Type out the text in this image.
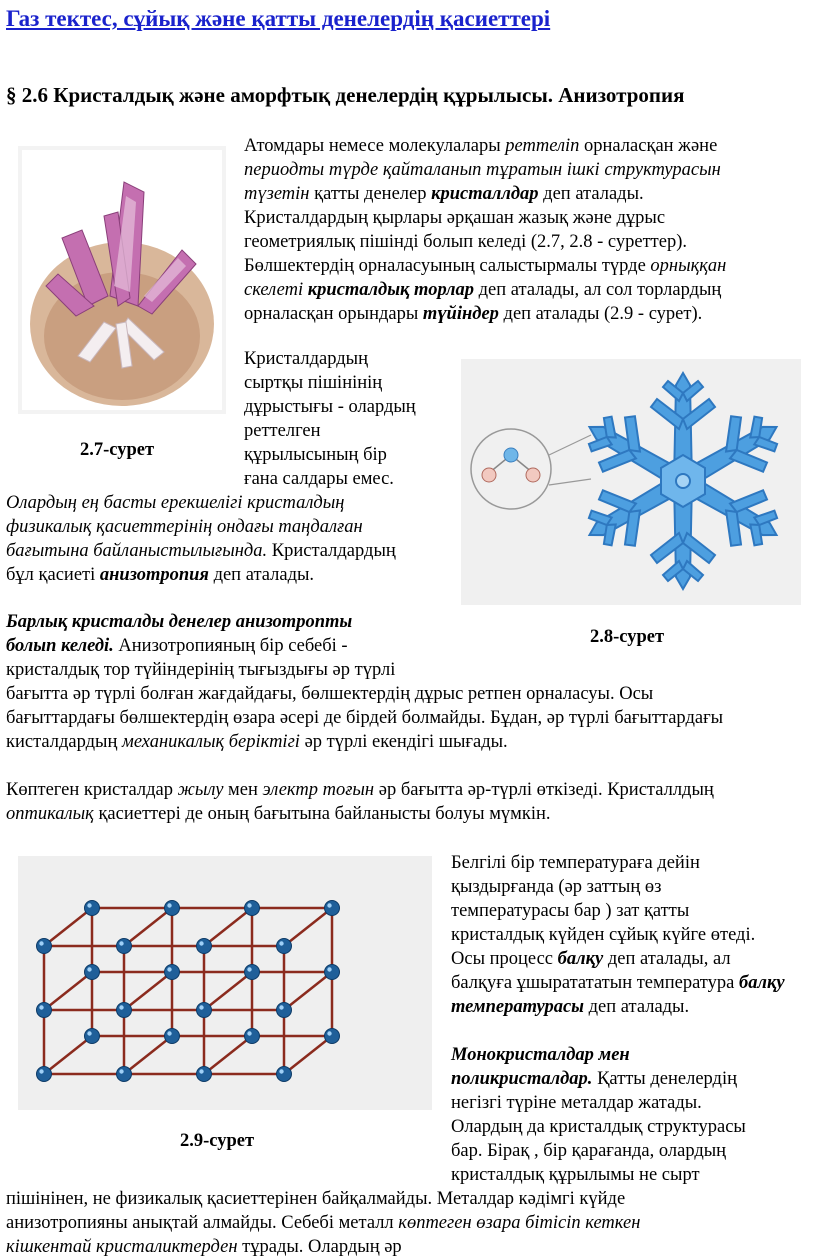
Газ тектес, сұйық және қатты денелердің қасиеттері
§ 2.6 Кристалдық және аморфтық денелердің құрылысы. Анизотропия
Атомдары немесе молекулалары реттеліп орналасқан және
периодты түрде қайталанып тұратын ішкі структурасын
түзетін қатты денелер кристаллдар деп аталады.
Кристалдардың қырлары әрқашан жазық және дұрыс
геометриялық пішінді болып келеді (2.7, 2.8 - суреттер).
Бөлшектердің орналасуының салыстырмалы түрде орныққан
скелеті кристалдық торлар деп аталады, ал сол торлардың
орналасқан орындары түйіндер деп аталады (2.9 - сурет).
2.7-сурет
Кристалдардың
сыртқы пішінінің
дұрыстығы - олардың
реттелген
құрылысының бір
ғана салдары емес.
Олардың ең басты ерекшелігі кристалдың
физикалық қасиеттерінің ондағы таңдалған
бағытына байланыстылығында. Кристалдардың
бұл қасиеті анизотропия деп аталады.
2.8-сурет
Барлық кристалды денелер анизотропты
болып келеді. Анизотропияның бір себебі -
кристалдық тор түйіндерінің тығыздығы әр түрлі
бағытта әр түрлі болған жағдайдағы, бөлшектердің дұрыс ретпен орналасуы. Осы
бағыттардағы бөлшектердің өзара әсері де бірдей болмайды. Бұдан, әр түрлі бағыттардағы
кисталдардың механикалық беріктігі әр түрлі екендігі шығады.
Көптеген кристалдар жылу мен электр тоғын әр бағытта әр-түрлі өткізеді. Кристаллдың
оптикалық қасиеттері де оның бағытына байланысты болуы мүмкін.
2.9-сурет
Белгілі бір температураға дейін
қыздырғанда (әр заттың өз
температурасы бар ) зат қатты
кристалдық күйден сұйық күйге өтеді.
Осы процесс балқу деп аталады, ал
балқуға ұшыратататын температура балқу
температурасы деп аталады.
Монокристалдар мен
поликристалдар. Қатты денелердің
негізгі түріне металдар жатады.
Олардың да кристалдық структурасы
бар. Бірақ , бір қарағанда, олардың
кристалдық құрылымы не сырт
пішінінен, не физикалық қасиеттерінен байқалмайды. Металдар кәдімгі күйде
анизотропияны анықтай алмайды. Себебі металл көптеген өзара бітісіп кеткен
кішкентай кристаликтерден тұрады. Олардың әр
